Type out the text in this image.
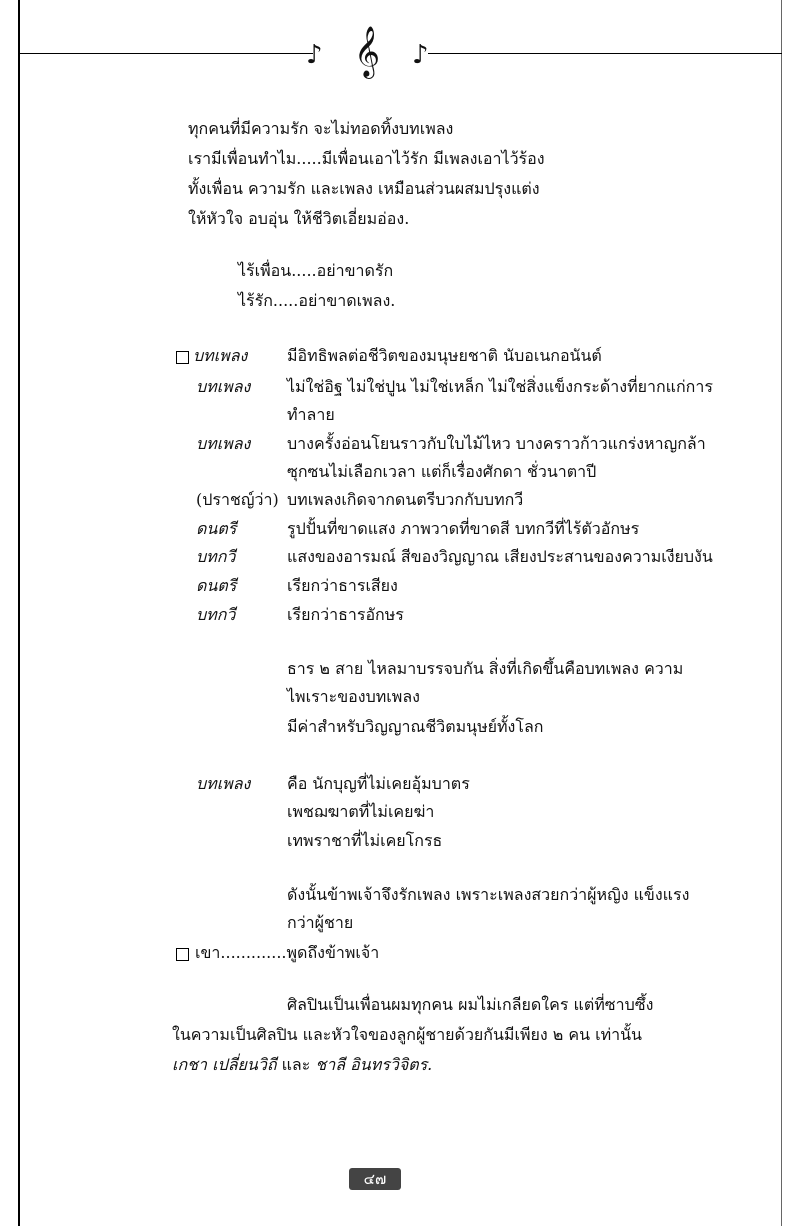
♪ 𝄞 ♪
ทุกคนที่มีความรัก จะไม่ทอดทิ้งบทเพลง
เรามีเพื่อนทำไม.....มีเพื่อนเอาไว้รัก มีเพลงเอาไว้ร้อง
ทั้งเพื่อน ความรัก และเพลง เหมือนส่วนผสมปรุงแต่ง
ให้หัวใจ อบอุ่น ให้ชีวิตเอี่ยมอ่อง.
ไร้เพื่อน.....อย่าขาดรัก
ไร้รัก.....อย่าขาดเพลง.
บทเพลง มีอิทธิพลต่อชีวิตของมนุษยชาติ นับอเนกอนันต์
บทเพลง ไม่ใช่อิฐ ไม่ใช่ปูน ไม่ใช่เหล็ก ไม่ใช่สิ่งแข็งกระด้างที่ยากแก่การ
ทำลาย
บทเพลง บางครั้งอ่อนโยนราวกับใบไม้ไหว บางคราวก้าวแกร่งหาญกล้า
ซุกซนไม่เลือกเวลา แต่ก็เรื่องศักดา ชั่วนาตาปี
(ปราชญ์ว่า) บทเพลงเกิดจากดนตรีบวกกับบทกวี
ดนตรี	รูปปั้นที่ขาดแสง ภาพวาดที่ขาดสี บทกวีที่ไร้ตัวอักษร
บทกวี	แสงของอารมณ์ สีของวิญญาณ เสียงประสานของความเงียบงัน
ดนตรี	เรียกว่าธารเสียง
บทกวี	เรียกว่าธารอักษร
ธาร ๒ สาย ไหลมาบรรจบกัน สิ่งที่เกิดขึ้นคือบทเพลง ความ
ไพเราะของบทเพลง
มีค่าสำหรับวิญญาณชีวิตมนุษย์ทั้งโลก
บทเพลง คือ นักบุญที่ไม่เคยอุ้มบาตร
เพชฌฆาตที่ไม่เคยฆ่า
เทพราชาที่ไม่เคยโกรธ
ดังนั้นข้าพเจ้าจึงรักเพลง เพราะเพลงสวยกว่าผู้หญิง แข็งแรง
กว่าผู้ชาย
เขา.............พูดถึงข้าพเจ้า
ศิลปินเป็นเพื่อนผมทุกคน ผมไม่เกลียดใคร แต่ที่ซาบซึ้ง
ในความเป็นศิลปิน และหัวใจของลูกผู้ชายด้วยกันมีเพียง ๒ คน เท่านั้น
เกชา เปลี่ยนวิถี และ ชาลี อินทรวิจิตร.
๔๗
